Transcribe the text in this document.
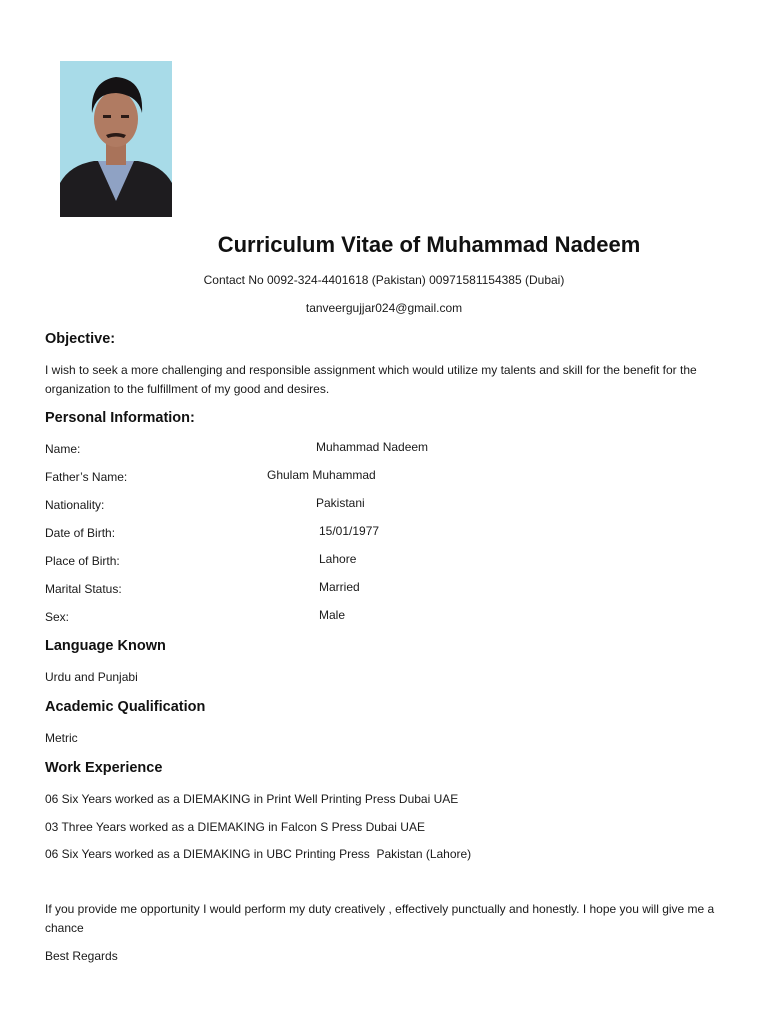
Curriculum Vitae of Muhammad Nadeem
Contact No 0092-324-4401618 (Pakistan) 00971581154385 (Dubai)
tanveergujjar024@gmail.com
Objective:
I wish to seek a more challenging and responsible assignment which would utilize my talents and skill for the benefit for the organization to the fulfillment of my good and desires.
Personal Information:
Name:	Muhammad Nadeem
Father’s Name:	Ghulam Muhammad
Nationality:	Pakistani
Date of Birth:	15/01/1977
Place of Birth:	Lahore
Marital Status:	Married
Sex:	Male
Language Known
Urdu and Punjabi
Academic Qualification
Metric
Work Experience
06 Six Years worked as a DIEMAKING in Print Well Printing Press Dubai UAE
03 Three Years worked as a DIEMAKING in Falcon S Press Dubai UAE
06 Six Years worked as a DIEMAKING in UBC Printing Press  Pakistan (Lahore)
If you provide me opportunity I would perform my duty creatively , effectively punctually and honestly. I hope you will give me a chance
Best Regards
